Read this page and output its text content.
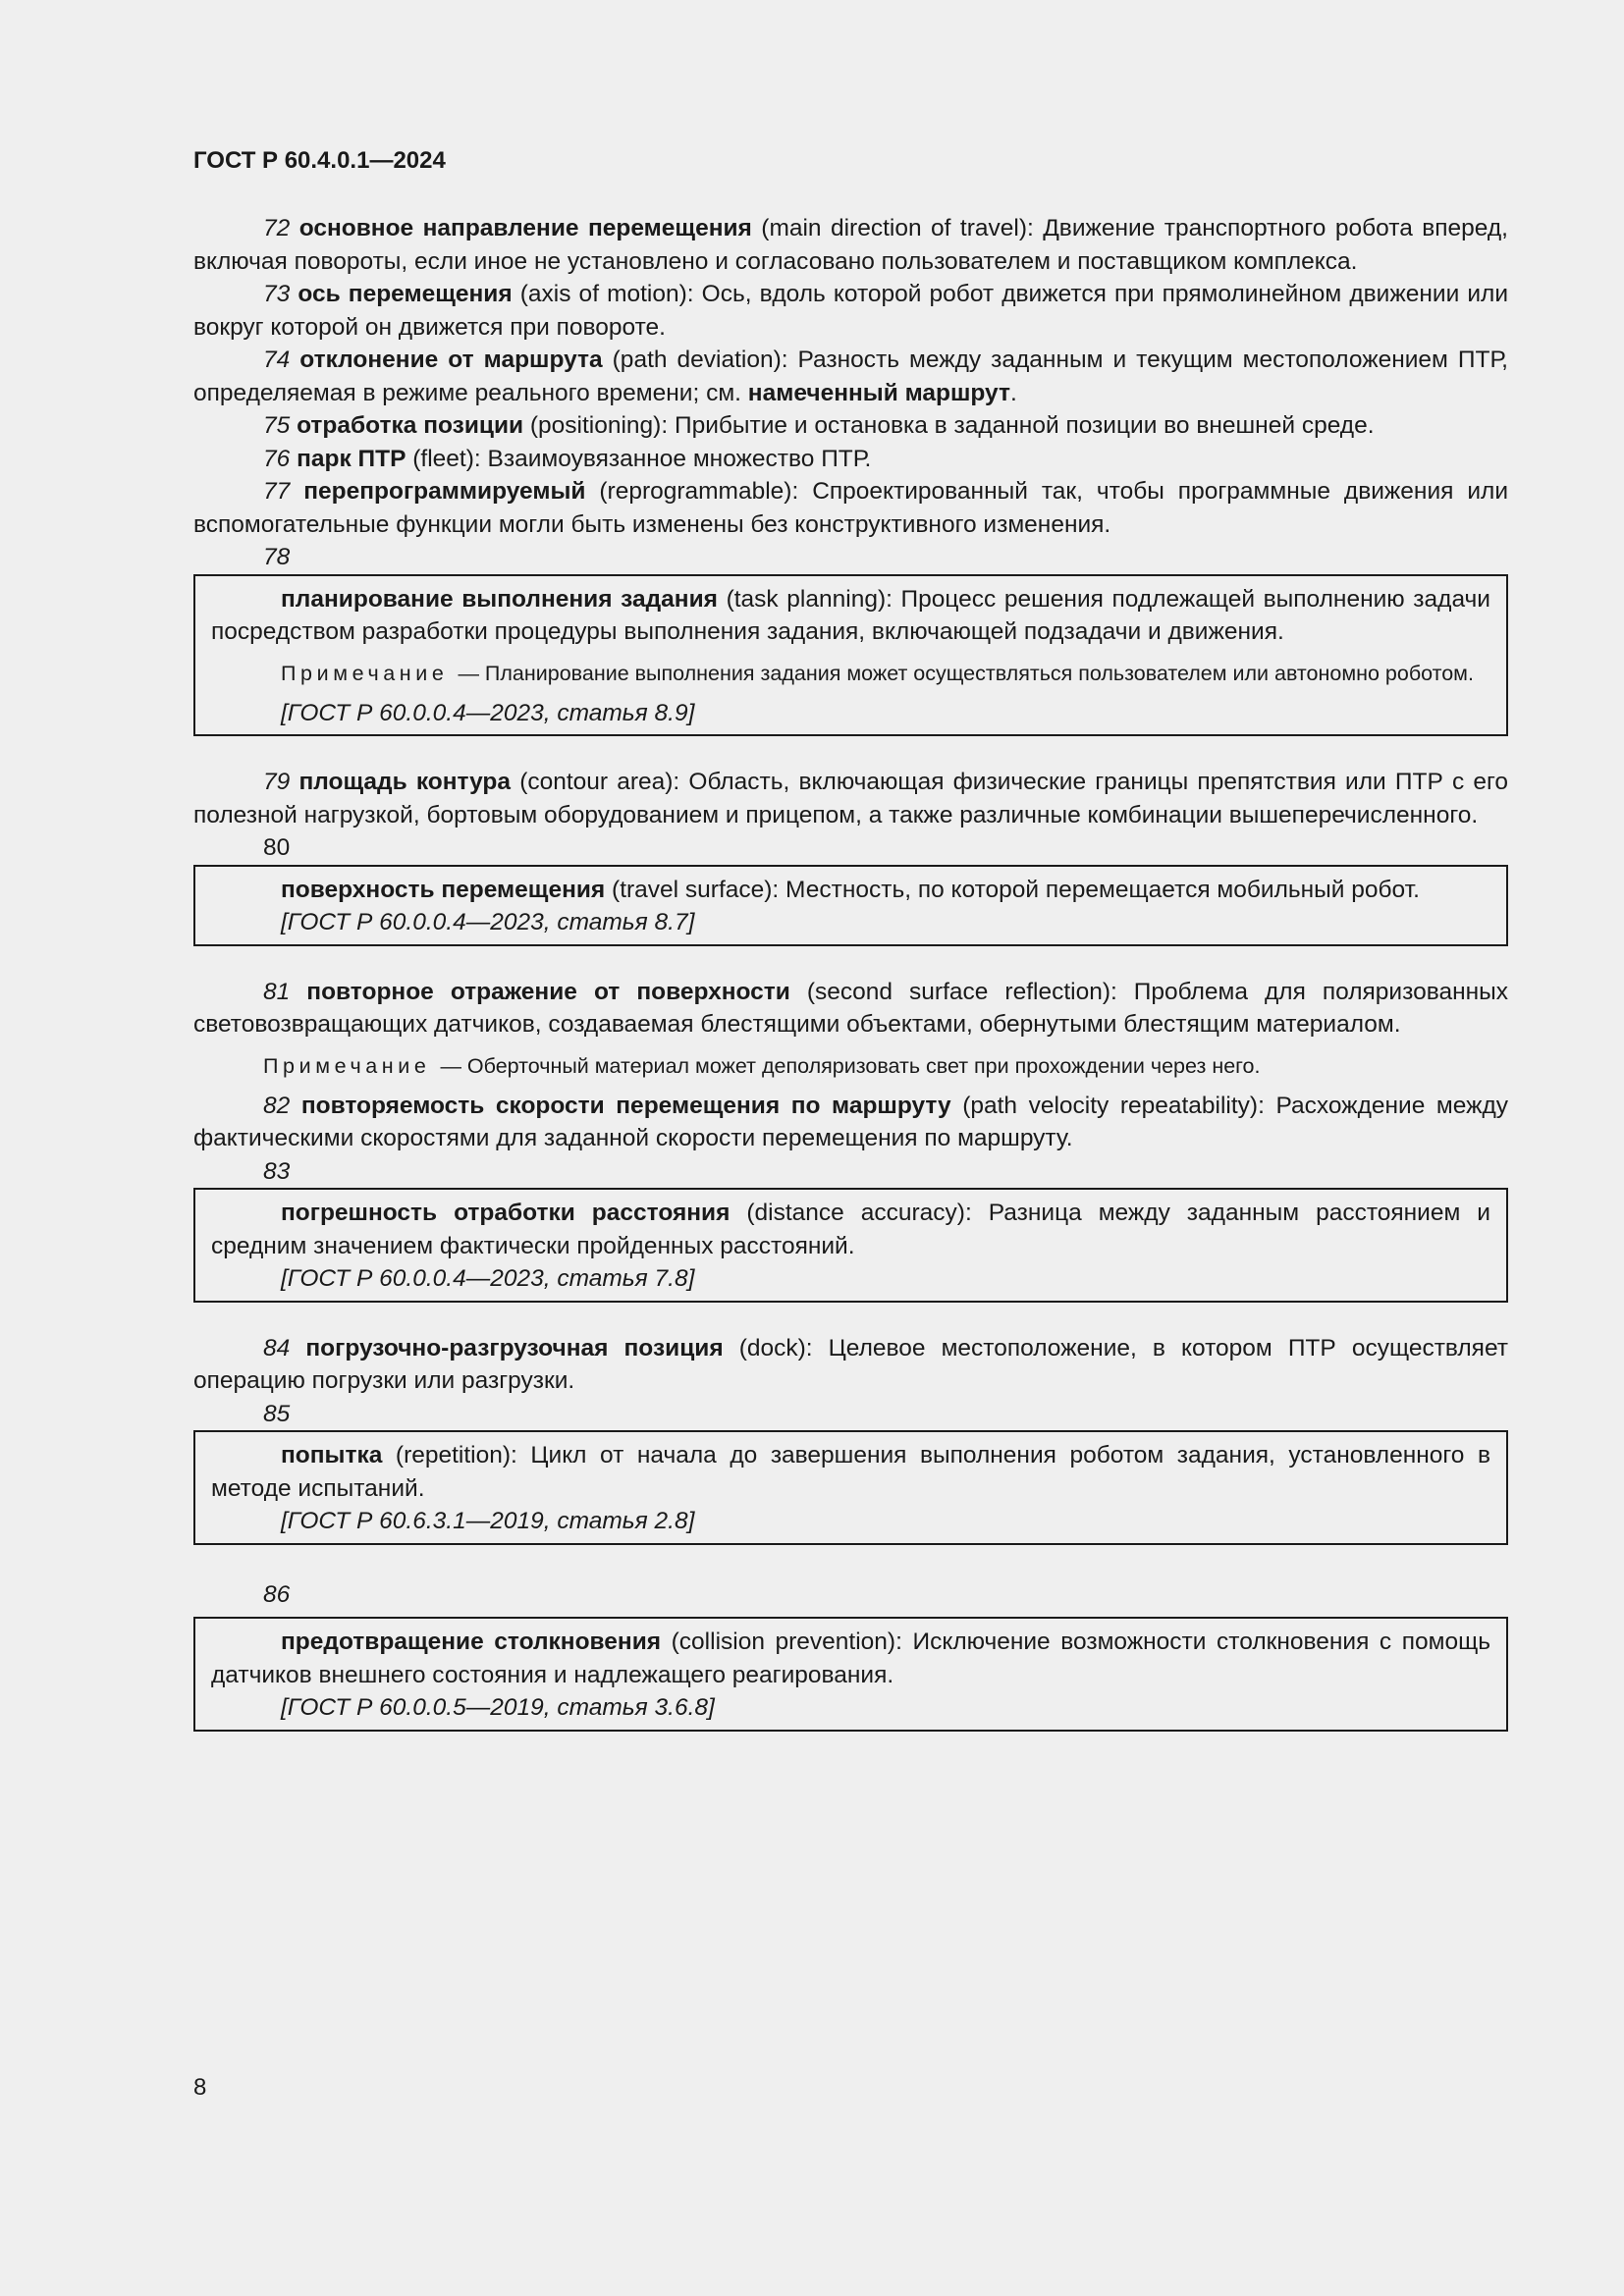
ГОСТ Р 60.4.0.1—2024

72 основное направление перемещения (main direction of travel): Движение транспортного робота вперед, включая повороты, если иное не установлено и согласовано пользователем и поставщиком комплекса.

73 ось перемещения (axis of motion): Ось, вдоль которой робот движется при прямолинейном движении или вокруг которой он движется при повороте.

74 отклонение от маршрута (path deviation): Разность между заданным и текущим местоположением ПТР, определяемая в режиме реального времени; см. намеченный маршрут.

75 отработка позиции (positioning): Прибытие и остановка в заданной позиции во внешней среде.

76 парк ПТР (fleet): Взаимоувязанное множество ПТР.

77 перепрограммируемый (reprogrammable): Спроектированный так, чтобы программные движения или вспомогательные функции могли быть изменены без конструктивного изменения.

78

планирование выполнения задания (task planning): Процесс решения подлежащей выполнению задачи посредством разработки процедуры выполнения задания, включающей подзадачи и движения.

Примечание — Планирование выполнения задания может осуществляться пользователем или автономно роботом.

[ГОСТ Р 60.0.0.4—2023, статья 8.9]

79 площадь контура (contour area): Область, включающая физические границы препятствия или ПТР с его полезной нагрузкой, бортовым оборудованием и прицепом, а также различные комбинации вышеперечисленного.

80

поверхность перемещения (travel surface): Местность, по которой перемещается мобильный робот.

[ГОСТ Р 60.0.0.4—2023, статья 8.7]

81 повторное отражение от поверхности (second surface reflection): Проблема для поляризованных световозвращающих датчиков, создаваемая блестящими объектами, обернутыми блестящим материалом.

Примечание — Оберточный материал может деполяризовать свет при прохождении через него.

82 повторяемость скорости перемещения по маршруту (path velocity repeatability): Расхождение между фактическими скоростями для заданной скорости перемещения по маршруту.

83

погрешность отработки расстояния (distance accuracy): Разница между заданным расстоянием и средним значением фактически пройденных расстояний.

[ГОСТ Р 60.0.0.4—2023, статья 7.8]

84 погрузочно-разгрузочная позиция (dock): Целевое местоположение, в котором ПТР осуществляет операцию погрузки или разгрузки.

85

попытка (repetition): Цикл от начала до завершения выполнения роботом задания, установленного в методе испытаний.

[ГОСТ Р 60.6.3.1—2019, статья 2.8]

86

предотвращение столкновения (collision prevention): Исключение возможности столкновения с помощь датчиков внешнего состояния и надлежащего реагирования.

[ГОСТ Р 60.0.0.5—2019, статья 3.6.8]

8
